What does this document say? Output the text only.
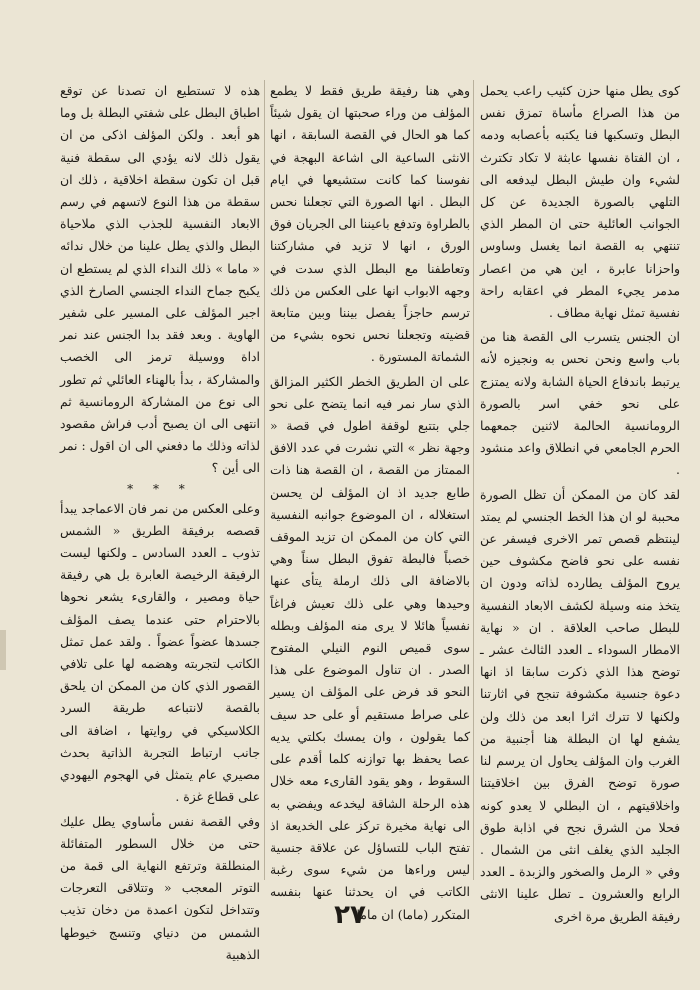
كوى يطل منها حزن كئيب راعب يحمل من هذا الصراع مأساة تمزق نفس البطل وتسكبها فنا يكتبه بأعصابه ودمه ، ان الفتاة نفسها عابثة لا تكاد تكترث لشيء وان طيش البطل ليدفعه الى التلهي بالصورة الجديدة عن كل الجوانب العائلية حتى ان المطر الذي تنتهي به القصة انما يغسل وساوس واحزانا عابرة ، اين هي من اعصار مدمر يجيء المطر في اعقابه راحة نفسية تمثل نهاية مطاف .

ان الجنس يتسرب الى القصة هنا من باب واسع ونحن نحس به ونجيزه لأنه يرتبط باندفاع الحياة الشابة ولانه يمتزج على نحو خفي اسر بالصورة الرومانسية الحالمة لاثنين جمعهما الحرم الجامعي في انطلاق واعد منشود .

لقد كان من الممكن أن تظل الصورة محببة لو ان هذا الخط الجنسي لم يمتد لينتظم قصص تمر الاخرى فيسفر عن نفسه على نحو فاضح مكشوف حين يروح المؤلف يطارده لذاته ودون ان يتخذ منه وسيلة لكشف الابعاد النفسية للبطل صاحب العلاقة . ان « نهاية الامطار السوداء ـ العدد الثالث عشر ـ توضح هذا الذي ذكرت سابقا اذ انها دعوة جنسية مكشوفة تنجح في اثارتنا ولكنها لا تترك اثرا ابعد من ذلك ولن يشفع لها ان البطلة هنا أجنبية من الغرب وان المؤلف يحاول ان يرسم لنا صورة توضح الفرق بين اخلاقيتنا واخلاقيتهم ، ان البطلي لا يعدو كونه فحلا من الشرق نجح في اذابة طوق الجليد الذي يغلف انثى من الشمال . وفي « الرمل والصخور والزبدة ـ العدد الرابع والعشرون ـ تطل علينا الانثى رفيقة الطريق مرة اخرى

وهي هنا رفيقة طريق فقط لا يطمع المؤلف من وراء صحبتها ان يقول شيئاً كما هو الحال في القصة السابقة ، انها الانثى الساعية الى اشاعة البهجة في نفوسنا كما كانت ستشيعها في ايام البطل . انها الصورة التي تجعلنا نحس بالطراوة وتدفع باعيننا الى الجريان فوق الورق ، انها لا تزيد في مشاركتنا وتعاطفنا مع البطل الذي سدت في وجهه الابواب انها على العكس من ذلك ترسم حاجزاً يفصل بيننا وبين متابعة قضيته وتجعلنا نحس نحوه بشيء من الشماتة المستورة .

على ان الطريق الخطر الكثير المزالق الذي سار نمر فيه انما يتضح على نحو جلي بتتبع لوقفة اطول في قصة « وجهة نظر » التي نشرت في عدد الافق الممتاز من القصة ، ان القصة هنا ذات طابع جديد اذ ان المؤلف لن يحسن استغلاله ، ان الموضوع جوانبه النفسية التي كان من الممكن ان تزيد الموقف خصباً فالبطة تفوق البطل سناً وهي بالاضافة الى ذلك ارملة يتأى عنها وحيدها وهي على ذلك تعيش فراغاً نفسياً هائلا لا يرى منه المؤلف وبطله سوى قميص النوم النيلي المفتوح الصدر . ان تناول الموضوع على هذا النحو قد فرض على المؤلف ان يسير على صراط مستقيم أو على حد سيف كما يقولون ، وان يمسك بكلتي يديه عصا يحفظ بها توازنه كلما أقدم على السقوط ، وهو يقود القارىء معه خلال هذه الرحلة الشاقة ليخدعه ويفضي به الى نهاية مخيرة تركز على الخديعة اذ تفتح الباب للتساؤل عن علاقة جنسية ليس وراءها من شيء سوى رغبة الكاتب في ان يحدثنا عنها بنفسه المتكرر (ماما) ان ماما

هذه لا تستطيع ان تصدنا عن توقع اطباق البطل على شفتي البطلة بل وما هو أبعد . ولكن المؤلف اذكى من ان يقول ذلك لانه يؤدي الى سقطة فنية قبل ان تكون سقطة اخلاقية ، ذلك ان سقطة من هذا النوع لاتسهم في رسم الابعاد النفسية للجذب الذي ملاحياة البطل والذي يطل علينا من خلال ندائه « ماما » ذلك النداء الذي لم يستطع ان يكبح جماح النداء الجنسي الصارخ الذي اجبر المؤلف على المسير على شفير الهاوية . وبعد فقد بدا الجنس عند نمر اداة ووسيلة ترمز الى الخصب والمشاركة ، بدأ بالهناء العائلي ثم تطور الى نوع من المشاركة الرومانسية ثم انتهى الى ان يصبح أدب فراش مقصود لذاته وذلك ما دفعني الى ان اقول : نمر الى أين ؟

* * *

وعلى العكس من نمر فان الاعماجد يبدأ قصصه برفيقة الطريق « الشمس تذوب ـ العدد السادس ـ ولكنها ليست الرفيقة الرخيصة العابرة بل هي رفيقة حياة ومصير ، والقارىء يشعر نحوها بالاحترام حتى عندما يصف المؤلف جسدها عضواً عضواً . ولقد عمل تمثل الكاتب لتجربته وهضمه لها على تلافي القصور الذي كان من الممكن ان يلحق بالقصة لانتباعه طريقة السرد الكلاسيكي في روايتها ، اضافة الى جانب ارتباط التجربة الذاتية بحدث مصيري عام يتمثل في الهجوم اليهودي على قطاع غزة .

وفي القصة نفس مأساوي يطل عليك حتى من خلال السطور المتفائلة المنطلقة وترتفع النهاية الى قمة من التوتر المعجب « وتتلاقى التعرجات وتتداخل لتكون اعمدة من دخان تذيب الشمس من دنياي وتنسج خيوطها الذهبية

٢٧
